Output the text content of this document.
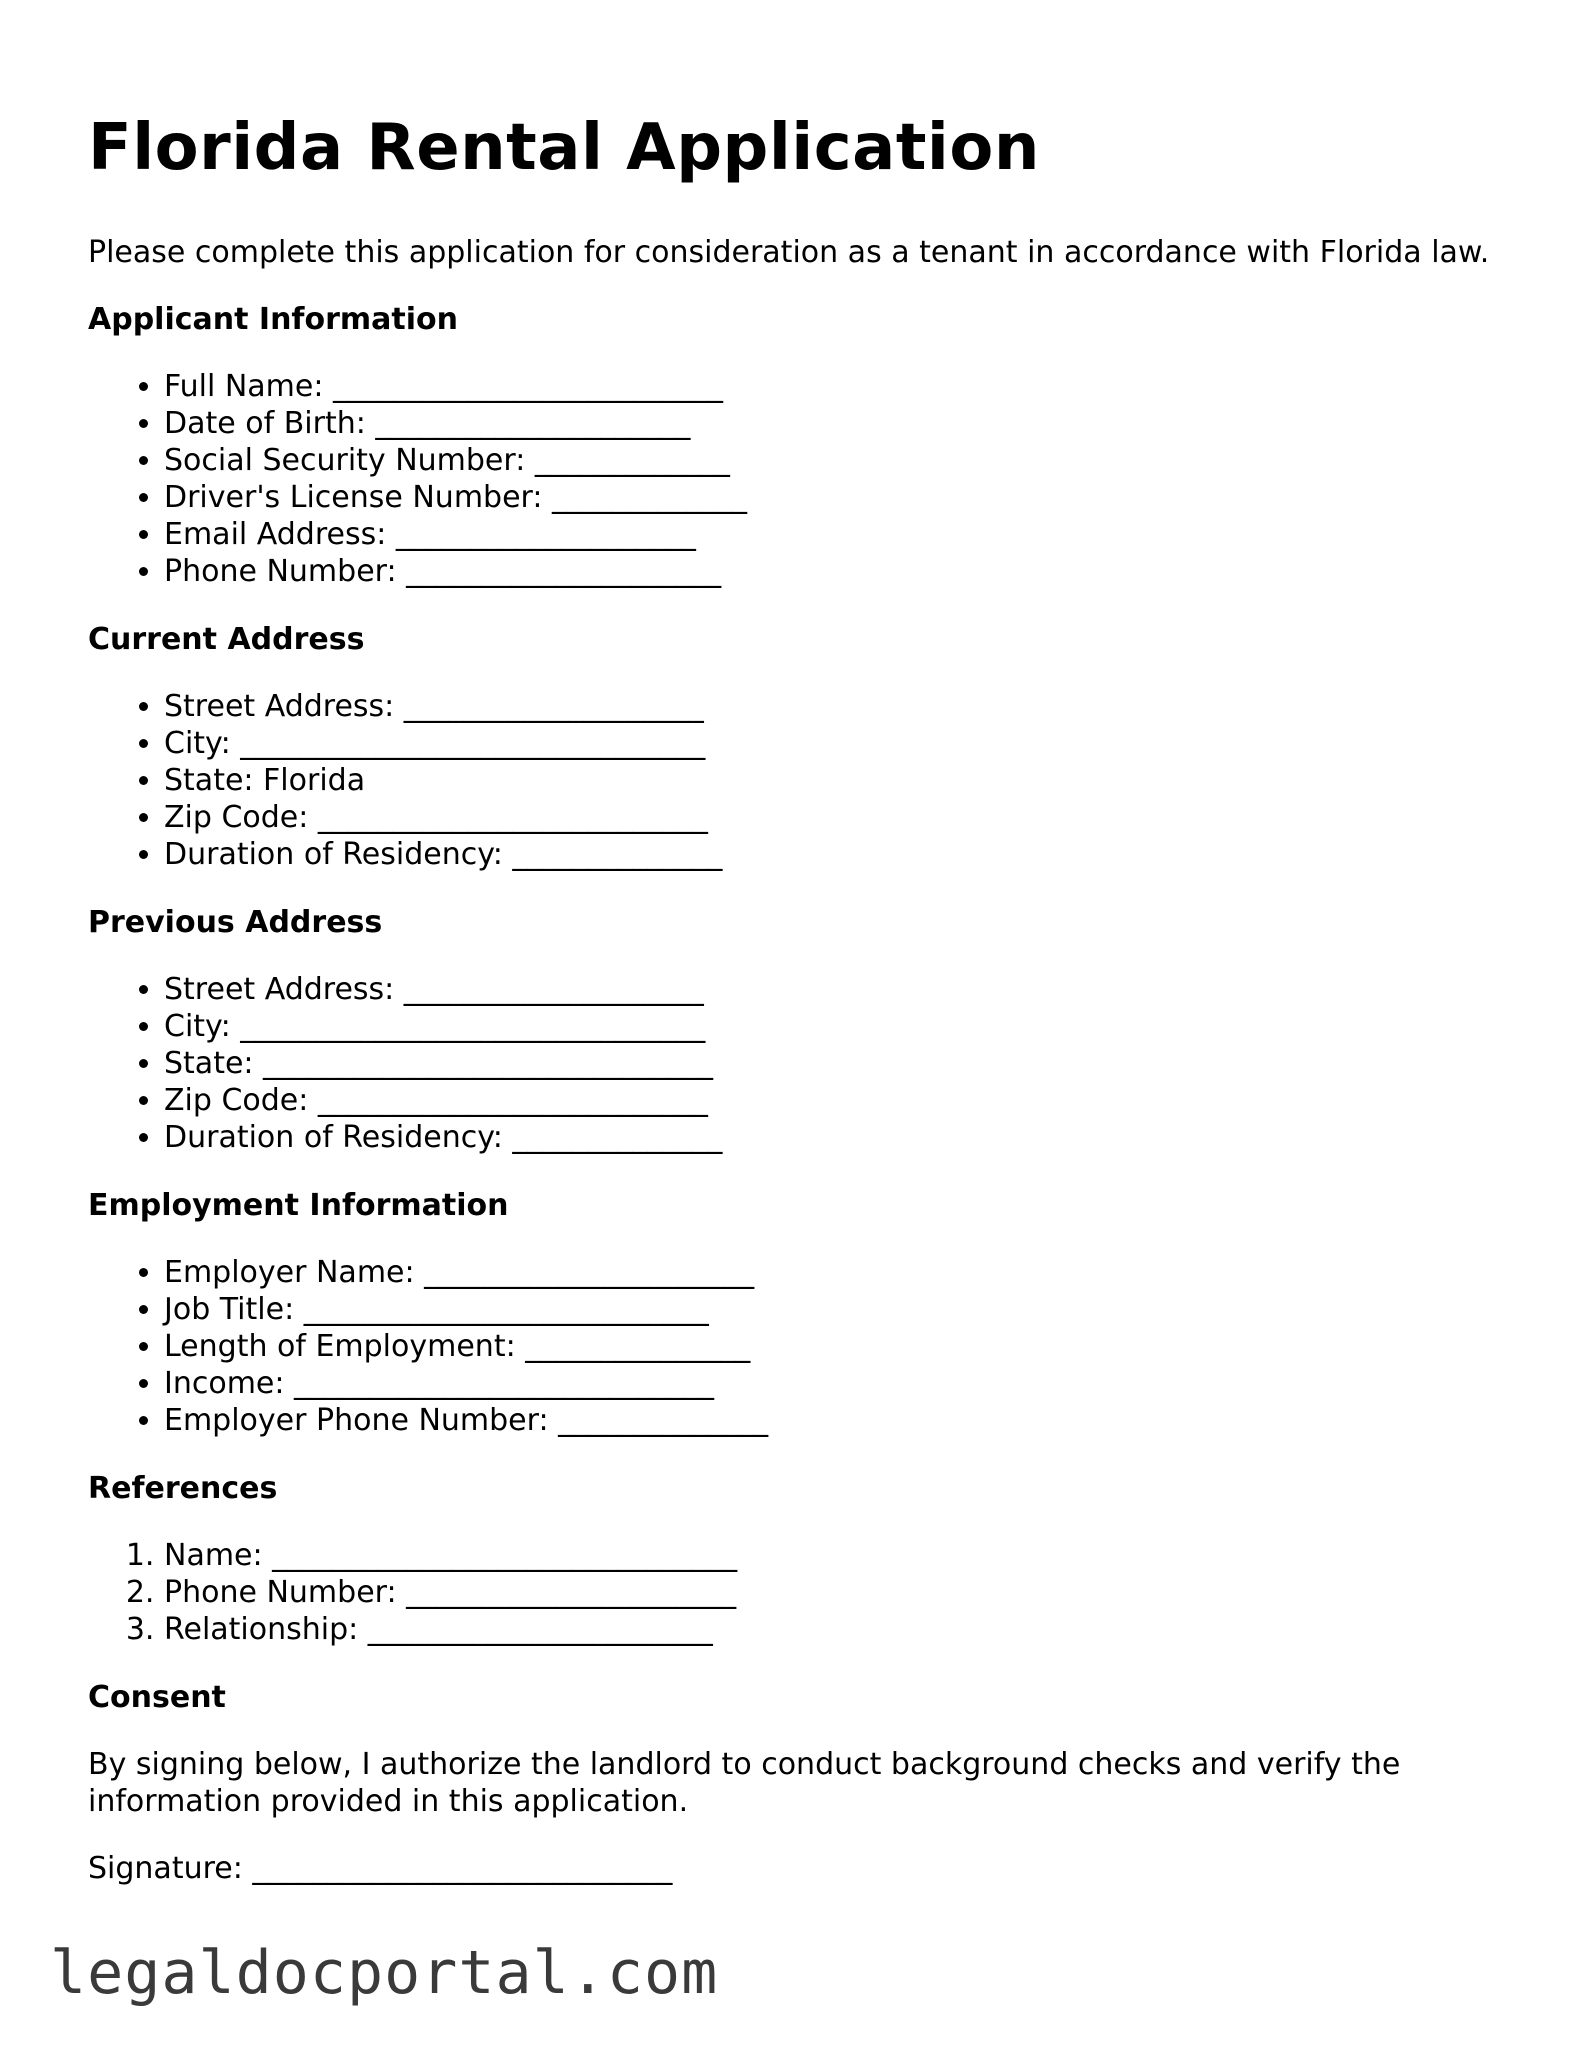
Florida Rental Application

Please complete this application for consideration as a tenant in accordance with Florida law.

Applicant Information
• Full Name: __________________________
• Date of Birth: _____________________
• Social Security Number: _____________
• Driver's License Number: _____________
• Email Address: ____________________
• Phone Number: _____________________
Current Address
• Street Address: ____________________
• City: _______________________________
• State: Florida
• Zip Code: __________________________
• Duration of Residency: ______________
Previous Address
• Street Address: ____________________
• City: _______________________________
• State: ______________________________
• Zip Code: __________________________
• Duration of Residency: ______________
Employment Information
• Employer Name: ______________________
• Job Title: ___________________________
• Length of Employment: _______________
• Income: ____________________________
• Employer Phone Number: ______________
References
1. Name: _______________________________
2. Phone Number: ______________________
3. Relationship: _______________________
Consent

By signing below, I authorize the landlord to conduct background checks and verify the information provided in this application.

Signature: ____________________________

legaldocportal.com
